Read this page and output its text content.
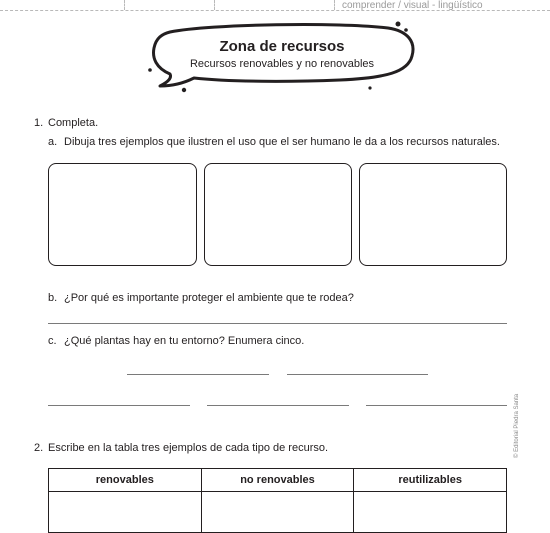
comprender / visual - lingüístico
Zona de recursos
Recursos renovables y no renovables
1. Completa.
a. Dibuja tres ejemplos que ilustren el uso que el ser humano le da a los recursos naturales.
b. ¿Por qué es importante proteger el ambiente que te rodea?
c. ¿Qué plantas hay en tu entorno? Enumera cinco.
2. Escribe en la tabla tres ejemplos de cada tipo de recurso.
renovables	no renovables	reutilizables

© Editorial Piedra Santa
